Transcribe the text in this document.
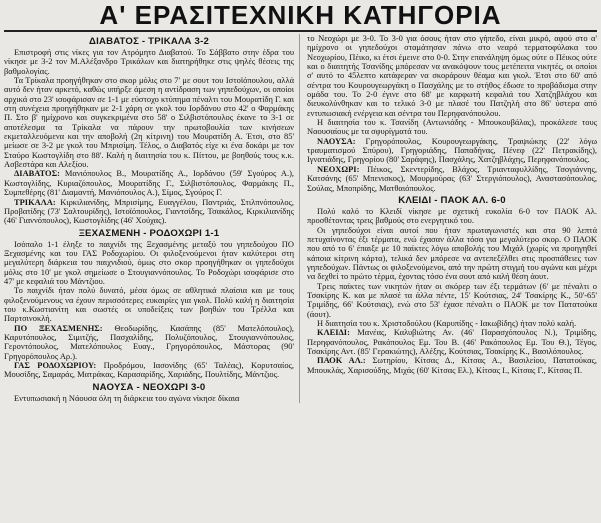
Α' ΕΡΑΣΙΤΕΧΝΙΚΗ ΚΑΤΗΓΟΡΙΑ
ΔΙΑΒΑΤΟΣ - ΤΡΙΚΑΛΑ 3-2

Επιστροφή στις νίκες για τον Ατρόμητο Διαβατού. Το Σάββατο στην έδρα του νίκησε με 3-2 τον Μ.Αλέξανδρο Τρικάλων και διατηρήθηκε στις ψηλές θέσεις της βαθμολογίας.

Τα Τρίκαλα προηγήθηκαν στο σκορ μόλις στο 7' με σουτ του Ιστοϊόπουλου, αλλά αυτό δεν ήταν αρκετό, καθώς υπήρξε άμεση η αντίδραση των γηπεδούχων, οι οποίοι αρχικά στο 23' ισοφάρισαν σε 1-1 με εύστοχο κτύπημα πέναλτι του Μουρατίδη Γ. και στη συνέχεια προηγήθηκαν με 2-1 χάρη σε γκολ του Ιορδάνου στο 42' ο Φαρμάκης Π. Στο β' ημίχρονο και συγκεκριμένα στο 58' ο Σιλβιστόπουλος έκανε το 3-1 σε αποτέλεσμα τα Τρίκαλα να πάρουν την πρωτοβουλία των κινήσεων εκμεταλλευόμενα και την αποβολή (2η κίτρινη) του Μουρατίδη Α. Έτσι, στο 85' μείωσε σε 3-2 με γκολ του Μπρισίμη. Τέλος, ο Διαβατός είχε κι ένα δοκάρι με τον Σταύρο Κωστογλίδη στο 88'. Καλή η διαιτησία του κ. Πίττου, με βοηθούς τους κ.κ. Ασβεστάρα και Αλεξίου.

ΔΙΑΒΑΤΟΣ: Μανιόπουλος Β., Μουρατίδης Α., Ιορδάνου (59' Σγούρος Α.), Κωστογλίδης, Κυριαζόπουλος, Μουρατίδης Γ., Σιλβιστόπουλος, Φαρμάκης Π., Συμπεθέρης (81' Διαμαντή, Μανιόπουλος Α.), Σίμος, Σγούρος Γ.

ΤΡΙΚΑΛΑ: Κιρκιλιανίδης, Μπρισίμης, Ευαγγέλου, Παντριάς, Στιλπνόπουλος, Προβατίδης (73' Σαλτουρίδης), Ιστοϊόπουλος, Γιαντσίδης, Τσακάλος, Κιρκιλιανίδης (46' Γιαννόπουλος), Κωστογλίδης (46' Χούχας).

ΞΕΧΑΣΜΕΝΗ - ΡΟΔΟΧΩΡΙ 1-1

Ισόπαλο 1-1 έληξε το παιχνίδι της Ξεχασμένης μεταξύ του γηπεδούχου ΠΟ Ξεχασμένης και του ΓΑΣ Ροδοχωρίου. Οι φιλοξενούμενοι ήταν καλύτεροι στη μεγαλύτερη διάρκεια του παιχνιδιού, όμως στο σκορ προηγήθηκαν οι γηπεδούχοι μόλις στο 10' με γκολ σημείωσε ο Στουγιαννόπουλος. Το Ροδοχώρι ισοφάρισε στο 47' με κεφαλιά του Μάντζιου.

Το παιχνίδι ήταν πολύ δυνατό, μέσα όμως σε αθλητικά πλαίσια και με τους φιλοξενούμενους να έχουν περισσότερες ευκαιρίες για γκολ. Πολύ καλή η διαιτησία του κ.Κωστιανίτη και σωστές οι υποδείξεις των βοηθών του Τρέλλα και Παρτσινοκλή.

ΠΟ ΞΕΧΑΣΜΕΝΗΣ: Θεοδωρίδης, Κασάπης (85' Ματελόπουλος), Καρυτόπουλος, Σιμιτζής, Πασχαλίδης, Πολυζόπουλος, Στουγιαννόπουλος, Γεροντόπουλος, Ματελόπουλος Ευαγ., Γρηγορόπουλος, Μάστορας (90' Γρηγορόπουλος Αρ.).

ΓΑΣ ΡΟΔΟΧΩΡΙΟΥ: Προδρόμου, Ιασονίδης (65' Ταλέας), Κορυτσαίος, Μουσίδης, Σαμαράς, Ματράκας, Καρασαρίδης, Χαριάδης, Πουλτίδης, Μάντζιος.

ΝΑΟΥΣΑ - ΝΕΟΧΩΡΙ 3-0

Εντυπωσιακή η Νάουσα όλη τη διάρκεια του αγώνα νίκησε δίκαια

το Νεοχώρι με 3-0. Το 3-0 για όσους ήταν στο γήπεδο, είναι μικρό, αφού στο α' ημίχρονο οι γηπεδούχοι σταμάτησαν πάνω στο νεαρό τερματοφύλακα του Νεοχωρίου, Πέικο, κι έτσι έμεινε στο 0-0. Στην επανάληψη όμως ούτε ο Πέικος ούτε και ο διαιτητής Τσανίδης μπόρεσαν να ανακόψουν τους μετέπειτα νικητές, οι οποίοι σ' αυτό το 45λεπτο κατάφεραν να σκοράρουν θέαμα και γκολ. Έτσι στο 60' από σέντρα του Κουρουγεωργάκη ο Πασχάλης με το στήθος έδωσε το προβάδισμα στην ομάδα του. Το 2-0 έγινε στο 68' με καρφωτή κεφαλιά του Χατζηβλάχου και διευκολύνθηκαν και το τελικό 3-0 με πλασέ του Πατζηλή στο 86' ύστερα από εντυπωσιακή ενέργεια και σέντρα του Περηφανόπουλου.

Η διαιτησία του κ. Τσανίδη (Αντωνιάδης - Μπουκουβάλας), προκάλεσε τους Ναουσαίους με τα σφυρίγματά του.

ΝΑΟΥΣΑ: Γρηγορόπουλος, Κουρουγεωργάκης, Τραψιώκης (22' λόγω τραυματισμού Σπύρου), Γρηγοριάδης, Παπαδήνας, Πένεφ (22' Πετρακίδης), Ιγνατιάδης, Γρηγορίου (80' Σαράφης), Πασχάλης, Χατζηβλάχης, Περηφανόπουλος.

ΝΕΟΧΩΡΙ: Πέικος, Σκεντερίδης, Βλάχος, Τριανταφυλλίδης, Τσογιάννης, Κατσάνης (65' Μπενισκος), Μουρμούρας (63' Στεργιόπουλος), Αναστασόπουλος, Σούλας, Μποπρίδης, Ματθαιόπουλος.

ΚΛΕΙΔΙ - ΠΑΟΚ ΑΛ. 6-0

Πολύ καλό το Κλειδί νίκησε με σχετική ευκολία 6-0 τον ΠΑΟΚ Αλ. προσθέτοντας τρεις βαθμούς στο ενεργητικό του.

Οι γηπεδούχοι είναι αυτοί που ήταν πρωταγωνιστές και στα 90 λεπτά πετυχαίνοντας έξι τέρματα, ενώ έχασαν άλλα τόσα για μεγαλύτερο σκορ. Ο ΠΑΟΚ που από το 6' έπαιξε με 10 παίκτες λόγω αποβολής του Μιχάλ (χωρίς να προηγηθεί κάποια κίτρινη κάρτα), τελικά δεν μπόρεσε να αντεπεξέλθει στις προσπάθειες των γηπεδούχων. Πάντως οι φιλοξενούμενοι, από την πρώτη στιγμή του αγώνα και μέχρι να δεχθεί το πρώτο τέρμα, έχοντας τόσο ένα σουτ από καλή θέση άουτ.

Τρεις παίκτες των νικητών ήταν οι σκόρερ των έξι τερμάτων (6' με πέναλτι ο Τσακίρης Κ. και με πλασέ τα άλλα πέντε, 15' Κούτσιας, 24' Τσακίρης Κ., 50'-65' Τριμίδης, 66' Κούτσιας), ενώ στο 53' έχασε πέναλτι ο ΠΑΟΚ με τον Πατατούκα (άουτ).

Η διαιτησία του κ. Χριστοδούλου (Καρυπίδης - Ιακωβίδης) ήταν πολύ καλή.

ΚΛΕΙΔΙ: Μανέας, Καλυβιώτης Αν. (46' Παρασχόπουλος Ν.), Τριμίδης, Περηφανόπουλος, Ρακόπουλος Εμ. Του Β. (46' Ρακόπουλος Εμ. Του Θ.), Τέγος, Τσακίρης Αντ. (85' Γερακιώτης), Αλέξης, Κούτσιας, Τσακίρης Κ., Βασιλόπουλος.

ΠΑΟΚ ΑΛ.: Σωτηρίου, Κίτσας Δ., Κίτσας Α., Βασιλείου, Πατατούκας, Μπουκλάς, Χαρισούδης, Μιχάς (60' Κίτσας Ελ.), Κίτσας Ι., Κίτσας Γ., Κίτσας Π.
